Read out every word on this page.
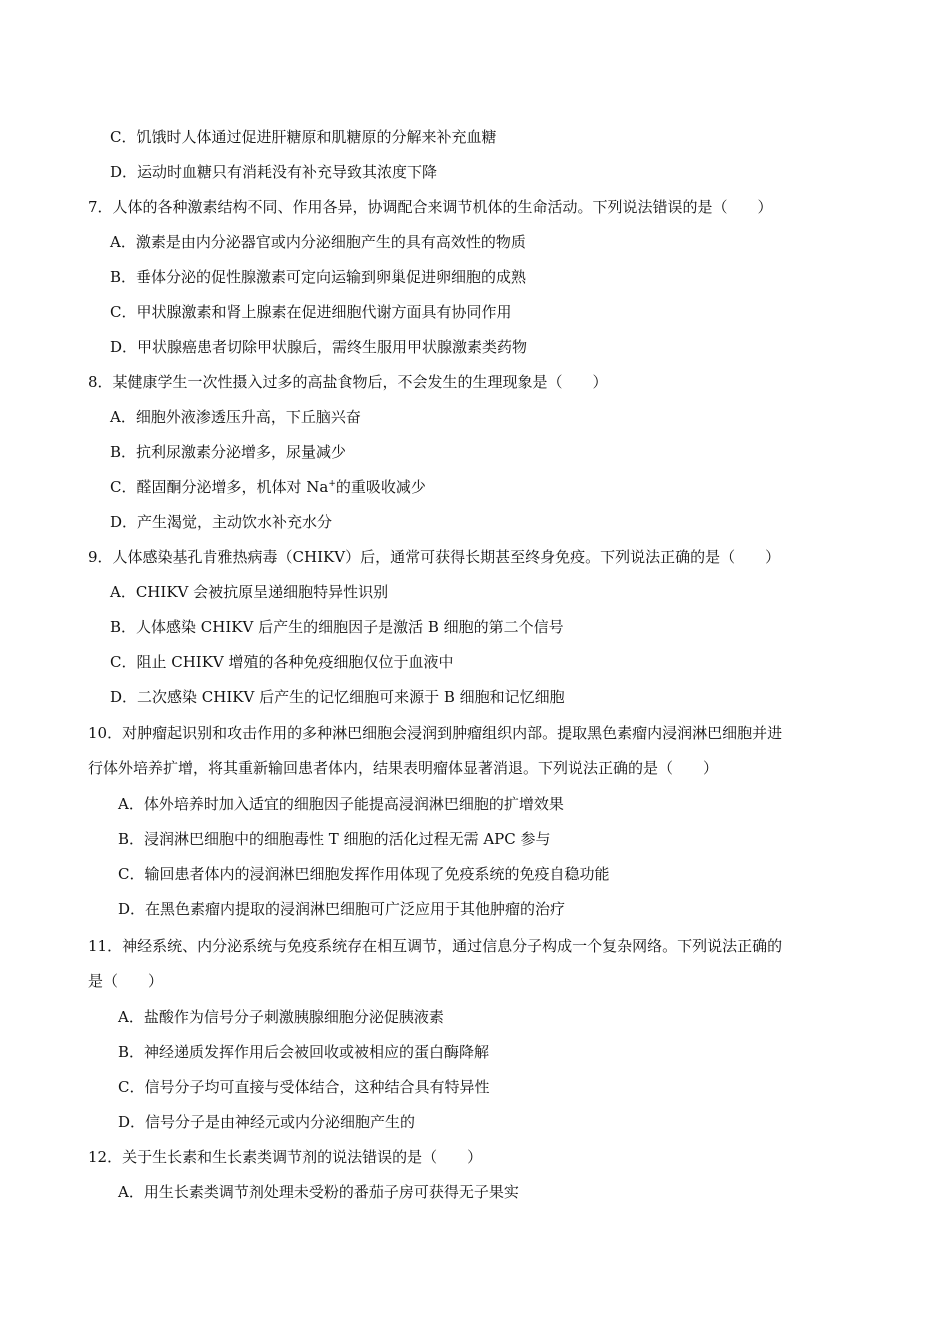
C．饥饿时人体通过促进肝糖原和肌糖原的分解来补充血糖
D．运动时血糖只有消耗没有补充导致其浓度下降
7．人体的各种激素结构不同、作用各异，协调配合来调节机体的生命活动。下列说法错误的是（　　）
A．激素是由内分泌器官或内分泌细胞产生的具有高效性的物质
B．垂体分泌的促性腺激素可定向运输到卵巢促进卵细胞的成熟
C．甲状腺激素和肾上腺素在促进细胞代谢方面具有协同作用
D．甲状腺癌患者切除甲状腺后，需终生服用甲状腺激素类药物
8．某健康学生一次性摄入过多的高盐食物后，不会发生的生理现象是（　　）
A．细胞外液渗透压升高，下丘脑兴奋
B．抗利尿激素分泌增多，尿量减少
C．醛固酮分泌增多，机体对 Na+的重吸收减少
D．产生渴觉，主动饮水补充水分
9．人体感染基孔肯雅热病毒（CHIKV）后，通常可获得长期甚至终身免疫。下列说法正确的是（　　）
A．CHIKV 会被抗原呈递细胞特异性识别
B．人体感染 CHIKV 后产生的细胞因子是激活 B 细胞的第二个信号
C．阻止 CHIKV 增殖的各种免疫细胞仅位于血液中
D．二次感染 CHIKV 后产生的记忆细胞可来源于 B 细胞和记忆细胞
10．对肿瘤起识别和攻击作用的多种淋巴细胞会浸润到肿瘤组织内部。提取黑色素瘤内浸润淋巴细胞并进
行体外培养扩增，将其重新输回患者体内，结果表明瘤体显著消退。下列说法正确的是（　　）
A．体外培养时加入适宜的细胞因子能提高浸润淋巴细胞的扩增效果
B．浸润淋巴细胞中的细胞毒性 T 细胞的活化过程无需 APC 参与
C．输回患者体内的浸润淋巴细胞发挥作用体现了免疫系统的免疫自稳功能
D．在黑色素瘤内提取的浸润淋巴细胞可广泛应用于其他肿瘤的治疗
11．神经系统、内分泌系统与免疫系统存在相互调节，通过信息分子构成一个复杂网络。下列说法正确的
是（　　）
A．盐酸作为信号分子刺激胰腺细胞分泌促胰液素
B．神经递质发挥作用后会被回收或被相应的蛋白酶降解
C．信号分子均可直接与受体结合，这种结合具有特异性
D．信号分子是由神经元或内分泌细胞产生的
12．关于生长素和生长素类调节剂的说法错误的是（　　）
A．用生长素类调节剂处理未受粉的番茄子房可获得无子果实
